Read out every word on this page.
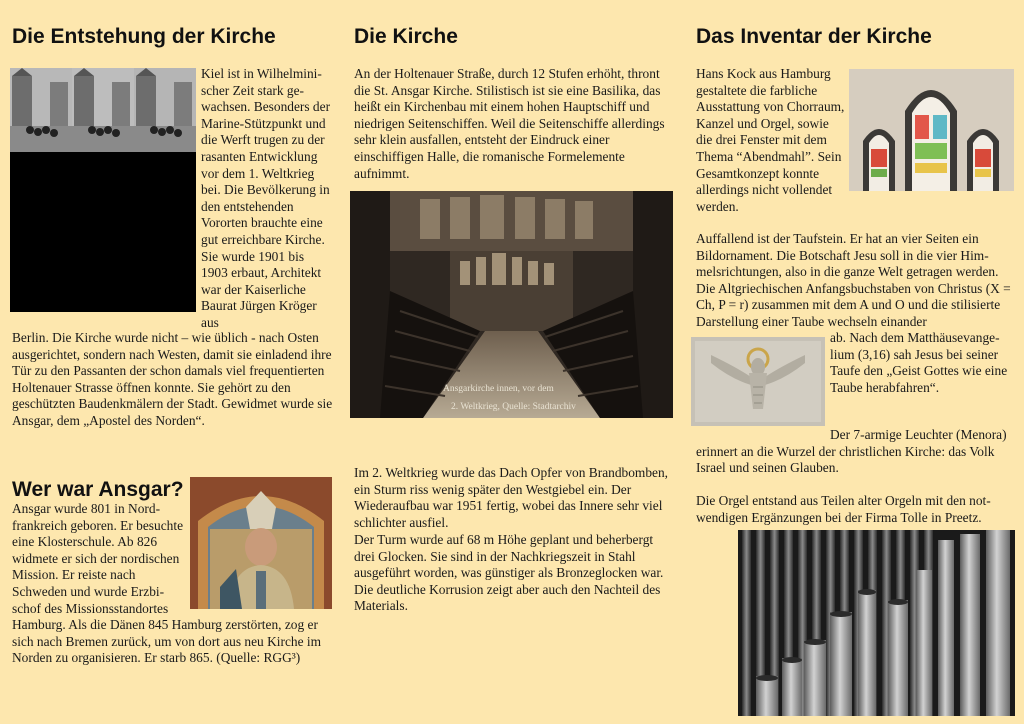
Die Entstehung der Kirche

Kiel ist in Wilhelminischer Zeit stark gewachsen. Besonders der Marine-Stützpunkt und die Werft trugen zu der rasanten Entwicklung vor dem 1. Weltkrieg bei. Die Bevölkerung in den entstehenden Vororten brauchte eine gut erreichbare Kirche. Sie wurde 1901 bis 1903 erbaut, Architekt war der Kaiserliche Baurat Jürgen Kröger aus

Berlin. Die Kirche wurde nicht – wie üblich - nach Osten ausgerichtet, sondern nach Westen, damit sie einladend ihre Tür zu den Passanten der schon damals viel frequentierten Holtenauer Strasse öffnen konnte. Sie gehört zu den geschützten Baudenkmälern der Stadt. Gewidmet wurde sie Ansgar, dem „Apostel des Norden“.

Wer war Ansgar?

Ansgar wurde 801 in Nordfrankreich geboren. Er besuchte eine Klosterschule. Ab 826 widmete er sich der nordischen Mission. Er reiste nach Schweden und wurde Erzbischof des Missionsstandortes

Hamburg. Als die Dänen 845 Hamburg zerstörten, zog er sich nach Bremen zurück, um von dort aus neu Kirche im Norden zu organisieren. Er starb 865. (Quelle: RGG³)

Die Kirche

An der Holtenauer Straße, durch 12 Stufen erhöht, thront die St. Ansgar Kirche. Stilistisch ist sie eine Basilika, das heißt ein Kirchenbau mit einem hohen Hauptschiff und niedrigen Seitenschiffen. Weil die Seitenschiffe allerdings sehr klein ausfallen, entsteht der Eindruck einer einschiffigen Halle, die romanische Formelemente aufnimmt.

Ansgarkirche innen, vor dem
2. Weltkrieg, Quelle: Stadtarchiv

Im 2. Weltkrieg wurde das Dach Opfer von Brandbomben, ein Sturm riss wenig später den Westgiebel ein. Der Wiederaufbau war 1951 fertig, wobei das Innere sehr viel schlichter ausfiel.

Der Turm wurde auf 68 m Höhe geplant und beherbergt drei Glocken. Sie sind in der Nachkriegszeit in Stahl ausgeführt worden, was günstiger als Bronzeglocken war. Die deutliche Korrusion zeigt aber auch den Nachteil des Materials.

Das Inventar der Kirche

Hans Kock aus Hamburg gestaltete die farbliche Ausstattung von Chorraum, Kanzel und Orgel, sowie die drei Fenster mit dem Thema “Abendmahl”. Sein Gesamtkonzept konnte allerdings nicht vollendet werden.

Auffallend ist der Taufstein. Er hat an vier Seiten ein Bildornament. Die Botschaft Jesu soll in die vier Himmelsrichtungen, also in die ganze Welt getragen werden. Die Altgriechischen Anfangsbuchstaben von Christus (X = Ch, P = r) zusammen mit dem A und O und die stilisierte Darstellung einer Taube wechseln einander

ab. Nach dem Matthäusevangelium (3,16) sah Jesus bei seiner Taufe den „Geist Gottes wie eine Taube herabfahren“.

Der 7-armige Leuchter (Menora) erinnert an die Wurzel der christlichen Kirche: das Volk Israel und seinen Glauben.

Die Orgel entstand aus Teilen alter Orgeln mit den notwendigen Ergänzungen bei der Firma Tolle in Preetz.
